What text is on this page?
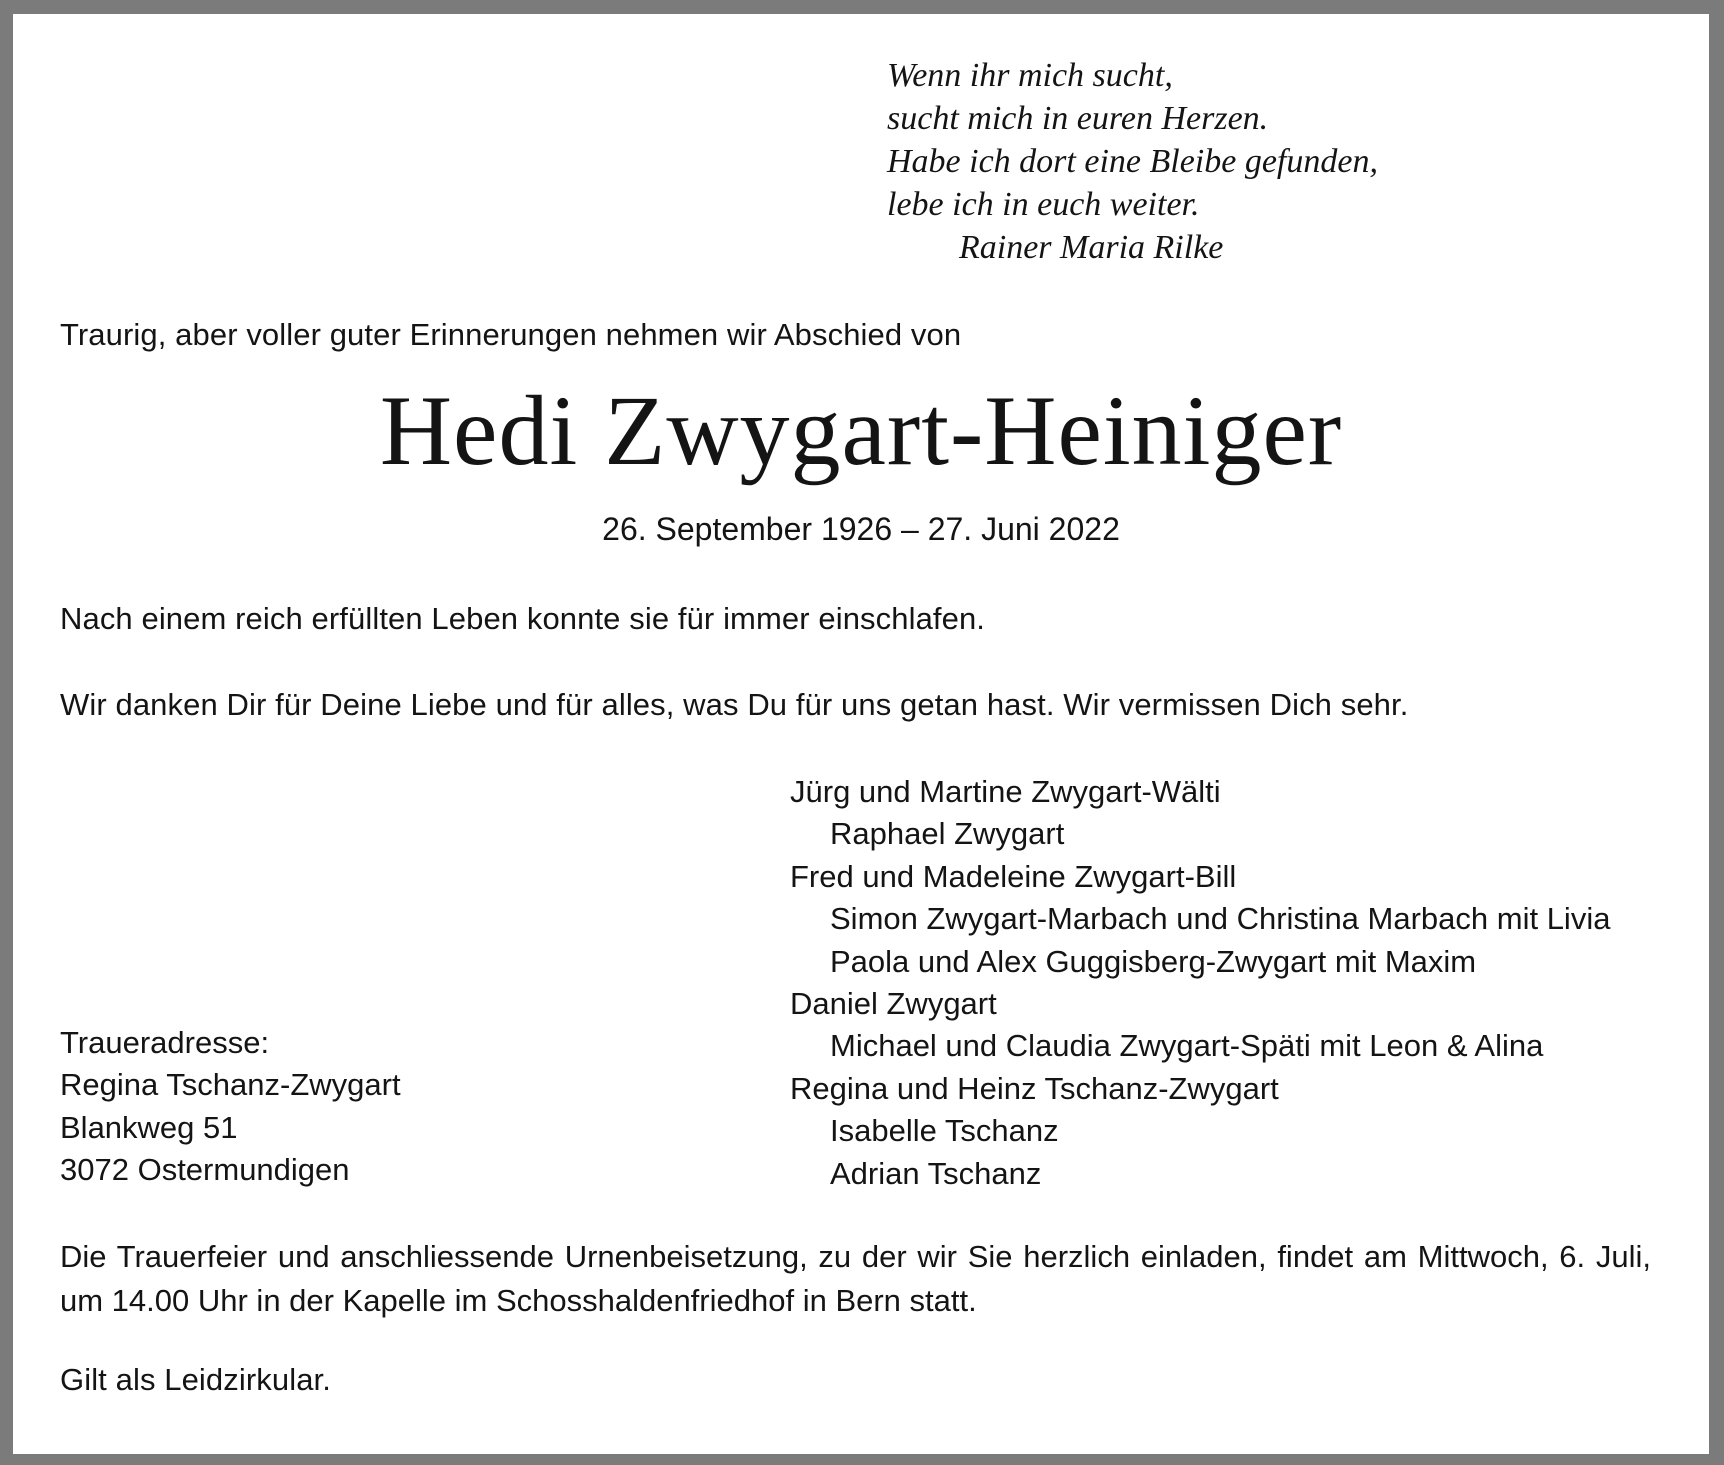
Wenn ihr mich sucht,
sucht mich in euren Herzen.
Habe ich dort eine Bleibe gefunden,
lebe ich in euch weiter.
Rainer Maria Rilke
Traurig, aber voller guter Erinnerungen nehmen wir Abschied von
Hedi Zwygart-Heiniger
26. September 1926 – 27. Juni 2022
Nach einem reich erfüllten Leben konnte sie für immer einschlafen.
Wir danken Dir für Deine Liebe und für alles, was Du für uns getan hast. Wir vermissen Dich sehr.
Jürg und Martine Zwygart-Wälti
Raphael Zwygart
Fred und Madeleine Zwygart-Bill
Simon Zwygart-Marbach und Christina Marbach mit Livia
Paola und Alex Guggisberg-Zwygart mit Maxim
Daniel Zwygart
Michael und Claudia Zwygart-Späti mit Leon & Alina
Regina und Heinz Tschanz-Zwygart
Isabelle Tschanz
Adrian Tschanz
Traueradresse:
Regina Tschanz-Zwygart
Blankweg 51
3072 Ostermundigen
Die Trauerfeier und anschliessende Urnenbeisetzung, zu der wir Sie herzlich einladen, findet am Mittwoch, 6. Juli, um 14.00 Uhr in der Kapelle im Schosshaldenfriedhof in Bern statt.
Gilt als Leidzirkular.
